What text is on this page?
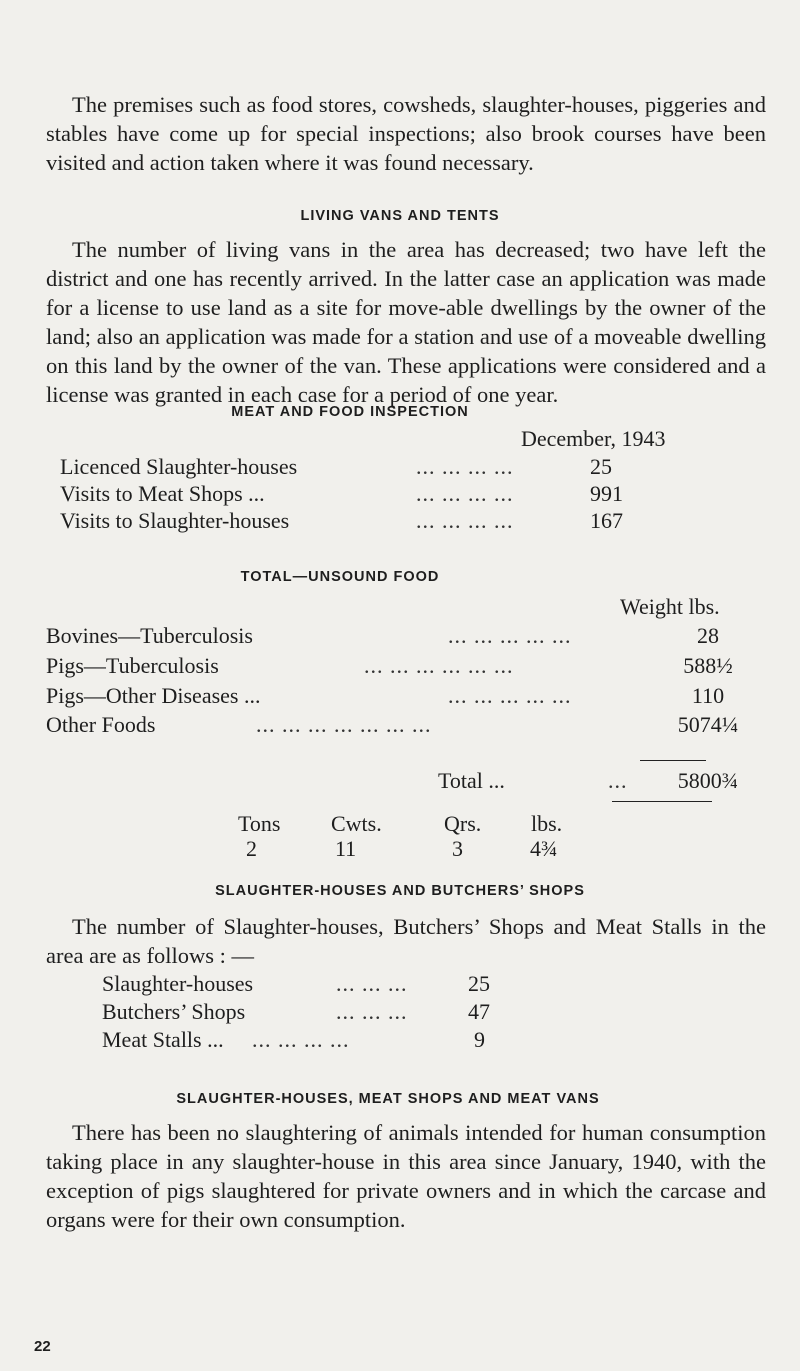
The premises such as food stores, cowsheds, slaughter-houses, piggeries and stables have come up for special inspections; also brook courses have been visited and action taken where it was found necessary.

LIVING VANS AND TENTS

The number of living vans in the area has decreased; two have left the district and one has recently arrived. In the latter case an application was made for a license to use land as a site for move-able dwellings by the owner of the land; also an application was made for a station and use of a moveable dwelling on this land by the owner of the van. These applications were considered and a license was granted in each case for a period of one year.

MEAT AND FOOD INSPECTION
December, 1943
Licenced Slaughter-houses	... ... ... ...	25
Visits to Meat Shops ...	... ... ... ...	991
Visits to Slaughter-houses	... ... ... ...	167
TOTAL—UNSOUND FOOD
Weight lbs.
Bovines—Tuberculosis	... ... ... ... ...	28
Pigs—Tuberculosis	... ... ... ... ... ...	588½
Pigs—Other Diseases ...	... ... ... ... ...	110
Other Foods	... ... ... ... ... ... ...	5074¼
Total ...	...	5800¾
Tons Cwts.	Qrs. lbs.
2	11	3	4¾
SLAUGHTER-HOUSES AND BUTCHERS’ SHOPS

The number of Slaughter-houses, Butchers’ Shops and Meat Stalls in the area are as follows : —

Slaughter-houses	... ... ...	25
Butchers’ Shops	... ... ...	47
Meat Stalls ... ... ... ... ...	9
SLAUGHTER-HOUSES, MEAT SHOPS AND MEAT VANS

There has been no slaughtering of animals intended for human consumption taking place in any slaughter-house in this area since January, 1940, with the exception of pigs slaughtered for private owners and in which the carcase and organs were for their own consumption.

22
